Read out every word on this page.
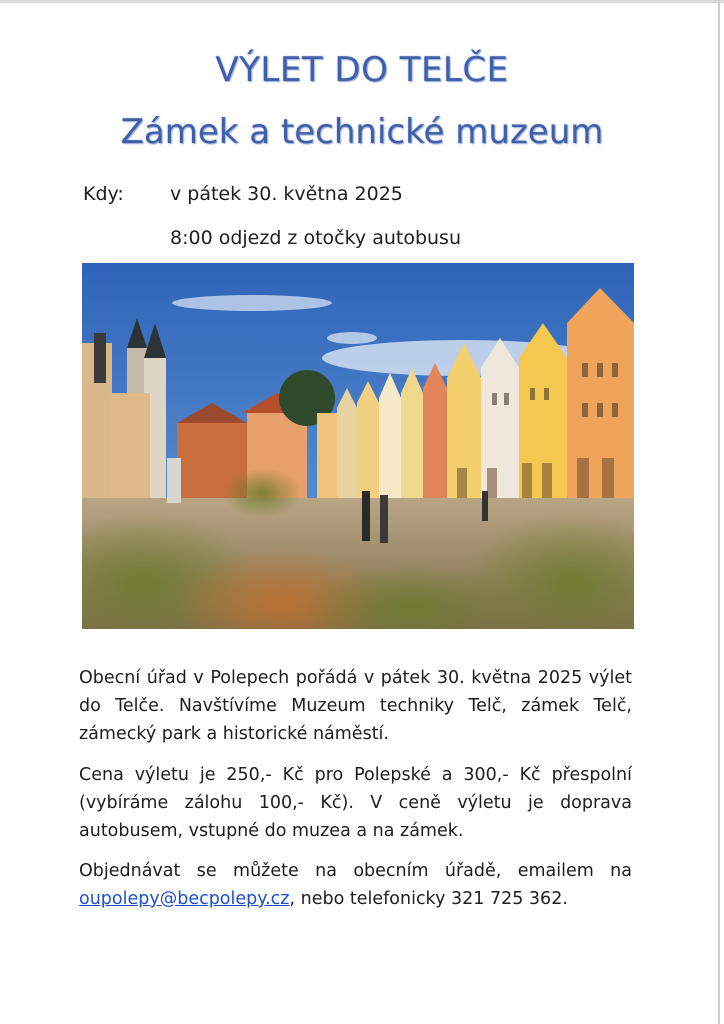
VÝLET DO TELČE
Zámek a technické muzeum
Kdy: v pátek 30. května 2025
8:00 odjezd z otočky autobusu

Obecní úřad v Polepech pořádá v pátek 30. května 2025 výlet do Telče. Navštívíme Muzeum techniky Telč, zámek Telč, zámecký park a historické náměstí.

Cena výletu je 250,- Kč pro Polepské a 300,- Kč přespolní (vybíráme zálohu 100,- Kč). V ceně výletu je doprava autobusem, vstupné do muzea a na zámek.

Objednávat se můžete na obecním úřadě, emailem na oupolepy@becpolepy.cz, nebo telefonicky 321 725 362.
